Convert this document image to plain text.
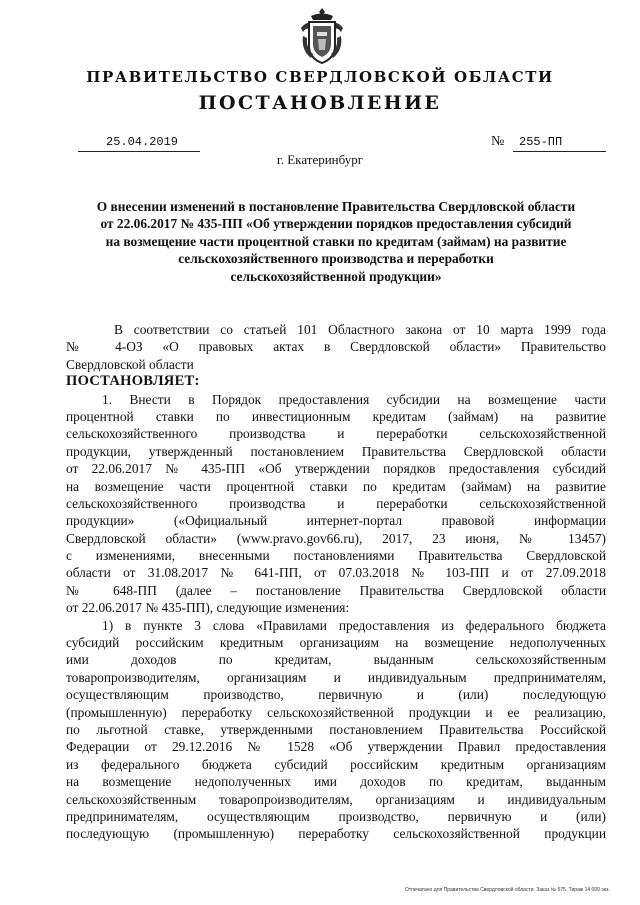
ПРАВИТЕЛЬСТВО СВЕРДЛОВСКОЙ ОБЛАСТИ
ПОСТАНОВЛЕНИЕ
25.04.2019	№	255-ПП
г. Екатеринбург
О внесении изменений в постановление Правительства Свердловской области
от 22.06.2017 № 435-ПП «Об утверждении порядков предоставления субсидий
на возмещение части процентной ставки по кредитам (займам) на развитие
сельскохозяйственного производства и переработки
сельскохозяйственной продукции»
В соответствии со статьей 101 Областного закона от 10 марта 1999 года
№ 4-ОЗ «О правовых актах в Свердловской области» Правительство
Свердловской области
ПОСТАНОВЛЯЕТ:
1. Внести в Порядок предоставления субсидии на возмещение части
процентной ставки по инвестиционным кредитам (займам) на развитие
сельскохозяйственного производства и переработки сельскохозяйственной
продукции, утвержденный постановлением Правительства Свердловской области
от 22.06.2017 № 435-ПП «Об утверждении порядков предоставления субсидий
на возмещение части процентной ставки по кредитам (займам) на развитие
сельскохозяйственного производства и переработки сельскохозяйственной
продукции» («Официальный интернет-портал правовой информации
Свердловской области» (www.pravo.gov66.ru), 2017, 23 июня, № 13457)
с изменениями, внесенными постановлениями Правительства Свердловской
области от 31.08.2017 № 641-ПП, от 07.03.2018 № 103-ПП и от 27.09.2018
№ 648-ПП (далее – постановление Правительства Свердловской области
от 22.06.2017 № 435-ПП), следующие изменения:
1) в пункте 3 слова «Правилами предоставления из федерального бюджета
субсидий российским кредитным организациям на возмещение недополученных
ими доходов по кредитам, выданным сельскохозяйственным
товаропроизводителям, организациям и индивидуальным предпринимателям,
осуществляющим производство, первичную и (или) последующую
(промышленную) переработку сельскохозяйственной продукции и ее реализацию,
по льготной ставке, утвержденными постановлением Правительства Российской
Федерации от 29.12.2016 № 1528 «Об утверждении Правил предоставления
из федерального бюджета субсидий российским кредитным организациям
на возмещение недополученных ими доходов по кредитам, выданным
сельскохозяйственным товаропроизводителям, организациям и индивидуальным
предпринимателям, осуществляющим производство, первичную и (или)
последующую (промышленную) переработку сельскохозяйственной продукции
Отпечатано для Правительства Свердловской области. Заказ № 575. Тираж 14 000 экз.
